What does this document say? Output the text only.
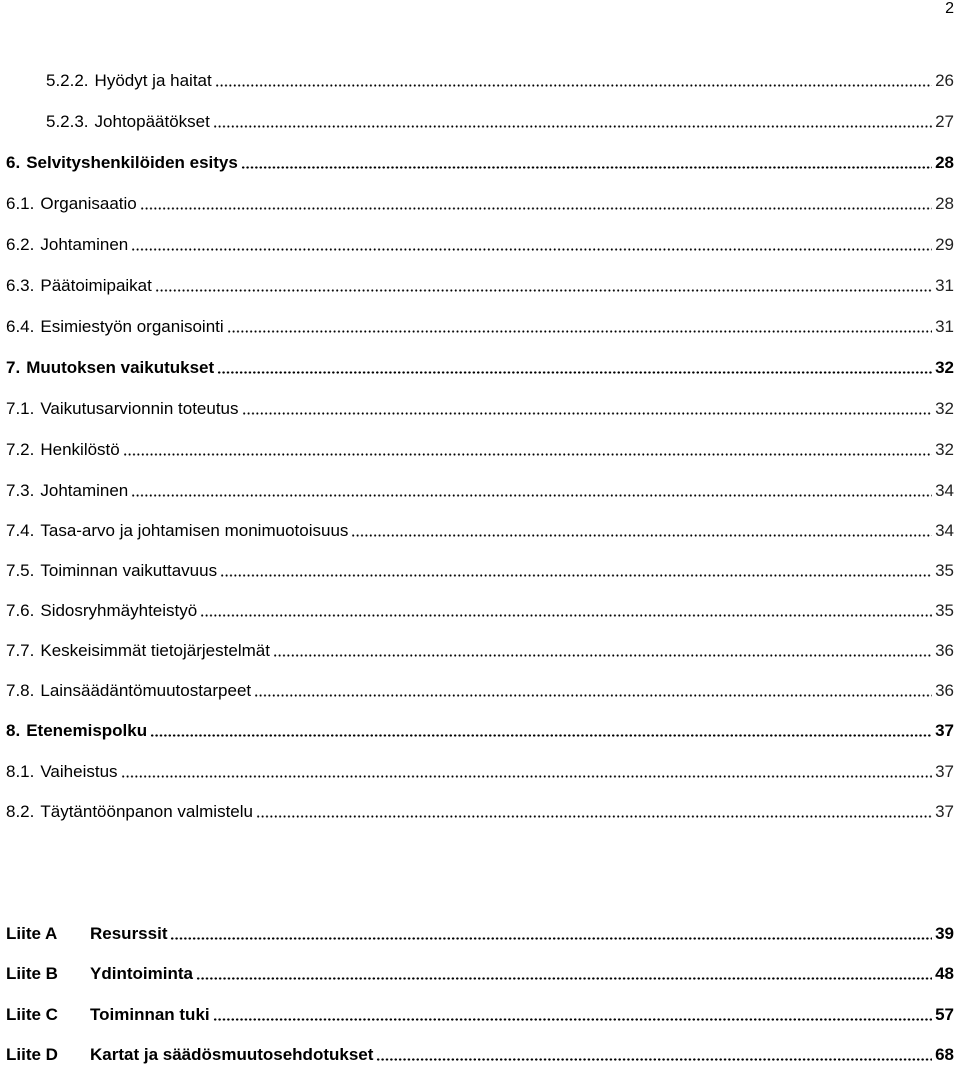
2
5.2.2. Hyödyt ja haitat	26
5.2.3. Johtopäätökset	27
6. Selvityshenkilöiden esitys	28
6.1. Organisaatio	28
6.2. Johtaminen	29
6.3. Päätoimipaikat	31
6.4. Esimiestyön organisointi	31
7. Muutoksen vaikutukset	32
7.1. Vaikutusarvionnin toteutus	32
7.2. Henkilöstö	32
7.3. Johtaminen	34
7.4. Tasa-arvo ja johtamisen monimuotoisuus	34
7.5. Toiminnan vaikuttavuus	35
7.6. Sidosryhmäyhteistyö	35
7.7. Keskeisimmät tietojärjestelmät	36
7.8. Lainsäädäntömuutostarpeet	36
8. Etenemispolku	37
8.1. Vaiheistus	37
8.2. Täytäntöönpanon valmistelu	37
Liite A	Resurssit	39
Liite B	Ydintoiminta	48
Liite C	Toiminnan tuki	57
Liite D	Kartat ja säädösmuutosehdotukset	68
